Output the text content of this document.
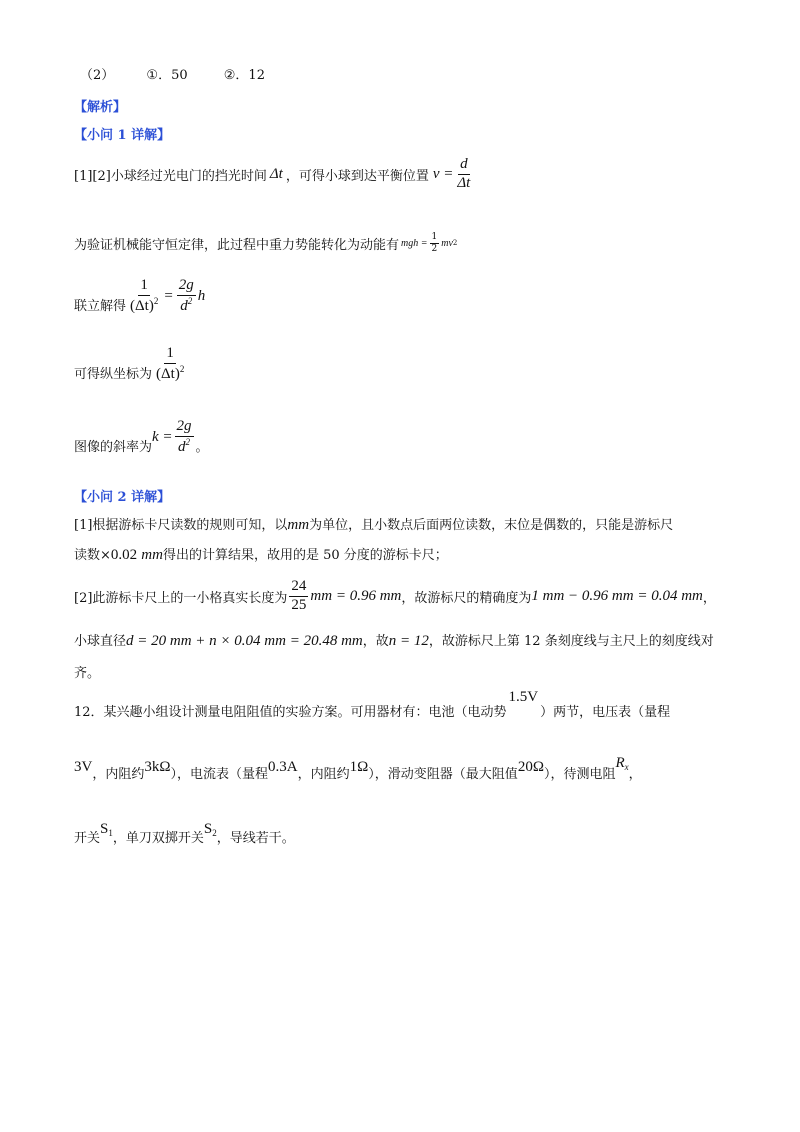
（2） ①．50	②．12
【解析】
【小问 1 详解】
[1][2]小球经过光电门的挡光时间 Δt ，可得小球到达平衡位置 $v = \frac{d}{\Delta t}$
为验证机械能守恒定律，此过程中重力势能转化为动能有 mgh = $\frac{1}{2}$ mv 2
联立解得 $\frac{1}{(\Delta t)^2} = \frac{2g}{d^2}$ h
可得纵坐标为 $\frac{1}{(\Delta t)^2}$
图像的斜率为
$k = \frac{2g}{d^2}$ 。
【小问 2 详解】
[1]根据游标卡尺读数的规则可知，以mm为单位，且小数点后面两位读数，末位是偶数的，只能是游标尺
读数×0.02 mm得出的计算结果，故用的是 50 分度的游标卡尺；
[2]此游标卡尺上的一小格真实长度为 $\frac{24}{25}$ mm = 0.96 mm ，故游标尺的精确度为 1 mm − 0.96 mm = 0.04 mm ，
小球直径d = 20 mm + n × 0.04 mm = 20.48 mm，故n = 12，故游标尺上第 12 条刻度线与主尺上的刻度线对
齐。
12．某兴趣小组设计测量电阻阻值的实验方案。可用器材有：电池（电动势
1.5V
）两节，电压表（量程
3V ，内阻约 3kΩ ），电流表（量程 0.3A ，内阻约 1Ω ），滑动变阻器（最大阻值 20Ω ），待测电阻
$R_x$ ，
开关
$S_1$ ，单刀双掷开关
$S_2$ ，导线若干。
